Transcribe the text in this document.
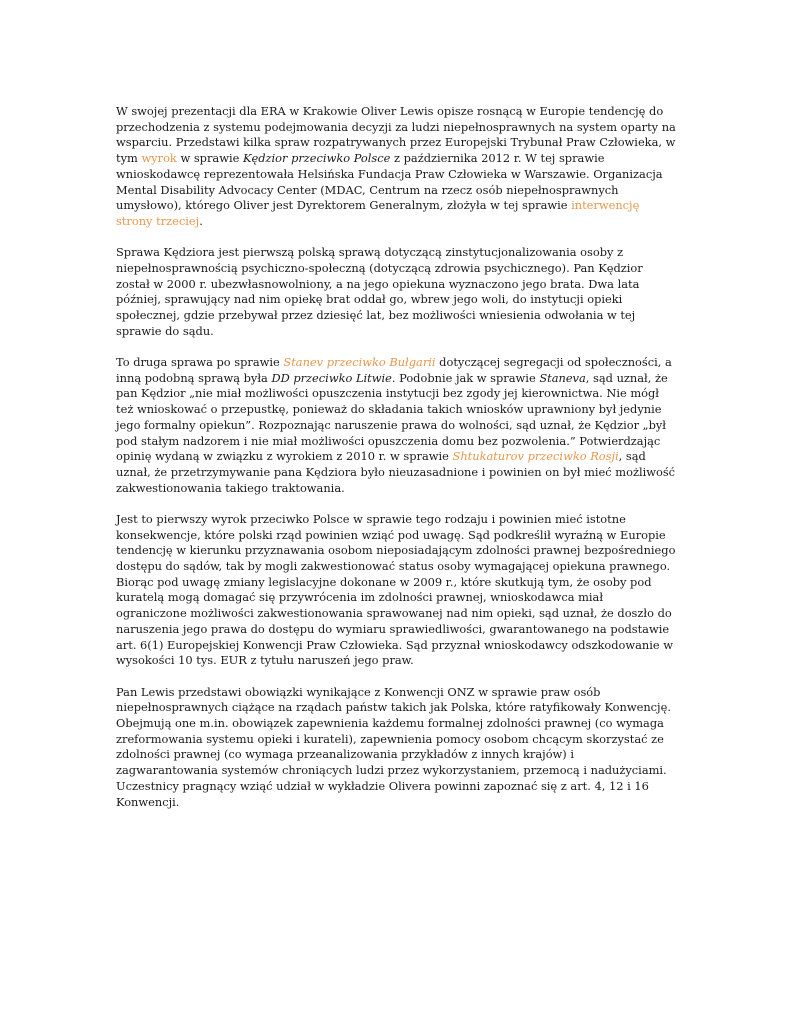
W swojej prezentacji dla ERA w Krakowie Oliver Lewis opisze rosnącą w Europie tendencję do przechodzenia z systemu podejmowania decyzji za ludzi niepełnosprawnych na system oparty na wsparciu. Przedstawi kilka spraw rozpatrywanych przez Europejski Trybunał Praw Człowieka, w tym wyrok w sprawie Kędzior przeciwko Polsce z października 2012 r. W tej sprawie wnioskodawcę reprezentowała Helsińska Fundacja Praw Człowieka w Warszawie. Organizacja Mental Disability Advocacy Center (MDAC, Centrum na rzecz osób niepełnosprawnych umysłowo), którego Oliver jest Dyrektorem Generalnym, złożyła w tej sprawie interwencję strony trzeciej.

Sprawa Kędziora jest pierwszą polską sprawą dotyczącą zinstytucjonalizowania osoby z niepełnosprawnością psychiczno-społeczną (dotyczącą zdrowia psychicznego). Pan Kędzior został w 2000 r. ubezwłasnowolniony, a na jego opiekuna wyznaczono jego brata. Dwa lata później, sprawujący nad nim opiekę brat oddał go, wbrew jego woli, do instytucji opieki społecznej, gdzie przebywał przez dziesięć lat, bez możliwości wniesienia odwołania w tej sprawie do sądu.

To druga sprawa po sprawie Stanev przeciwko Bułgarii dotyczącej segregacji od społeczności, a inną podobną sprawą była DD przeciwko Litwie. Podobnie jak w sprawie Staneva, sąd uznał, że pan Kędzior „nie miał możliwości opuszczenia instytucji bez zgody jej kierownictwa. Nie mógł też wnioskować o przepustkę, ponieważ do składania takich wniosków uprawniony był jedynie jego formalny opiekun”. Rozpoznając naruszenie prawa do wolności, sąd uznał, że Kędzior „był pod stałym nadzorem i nie miał możliwości opuszczenia domu bez pozwolenia.” Potwierdzając opinię wydaną w związku z wyrokiem z 2010 r. w sprawie Shtukaturov przeciwko Rosji, sąd uznał, że przetrzymywanie pana Kędziora było nieuzasadnione i powinien on był mieć możliwość zakwestionowania takiego traktowania.

Jest to pierwszy wyrok przeciwko Polsce w sprawie tego rodzaju i powinien mieć istotne konsekwencje, które polski rząd powinien wziąć pod uwagę. Sąd podkreślił wyraźną w Europie tendencję w kierunku przyznawania osobom nieposiadającym zdolności prawnej bezpośredniego dostępu do sądów, tak by mogli zakwestionować status osoby wymagającej opiekuna prawnego. Biorąc pod uwagę zmiany legislacyjne dokonane w 2009 r., które skutkują tym, że osoby pod kuratelą mogą domagać się przywrócenia im zdolności prawnej, wnioskodawca miał ograniczone możliwości zakwestionowania sprawowanej nad nim opieki, sąd uznał, że doszło do naruszenia jego prawa do dostępu do wymiaru sprawiedliwości, gwarantowanego na podstawie art. 6(1) Europejskiej Konwencji Praw Człowieka. Sąd przyznał wnioskodawcy odszkodowanie w wysokości 10 tys. EUR z tytułu naruszeń jego praw.

Pan Lewis przedstawi obowiązki wynikające z Konwencji ONZ w sprawie praw osób niepełnosprawnych ciążące na rządach państw takich jak Polska, które ratyfikowały Konwencję. Obejmują one m.in. obowiązek zapewnienia każdemu formalnej zdolności prawnej (co wymaga zreformowania systemu opieki i kurateli), zapewnienia pomocy osobom chcącym skorzystać ze zdolności prawnej (co wymaga przeanalizowania przykładów z innych krajów) i zagwarantowania systemów chroniących ludzi przez wykorzystaniem, przemocą i nadużyciami. Uczestnicy pragnący wziąć udział w wykładzie Olivera powinni zapoznać się z art. 4, 12 i 16 Konwencji.
